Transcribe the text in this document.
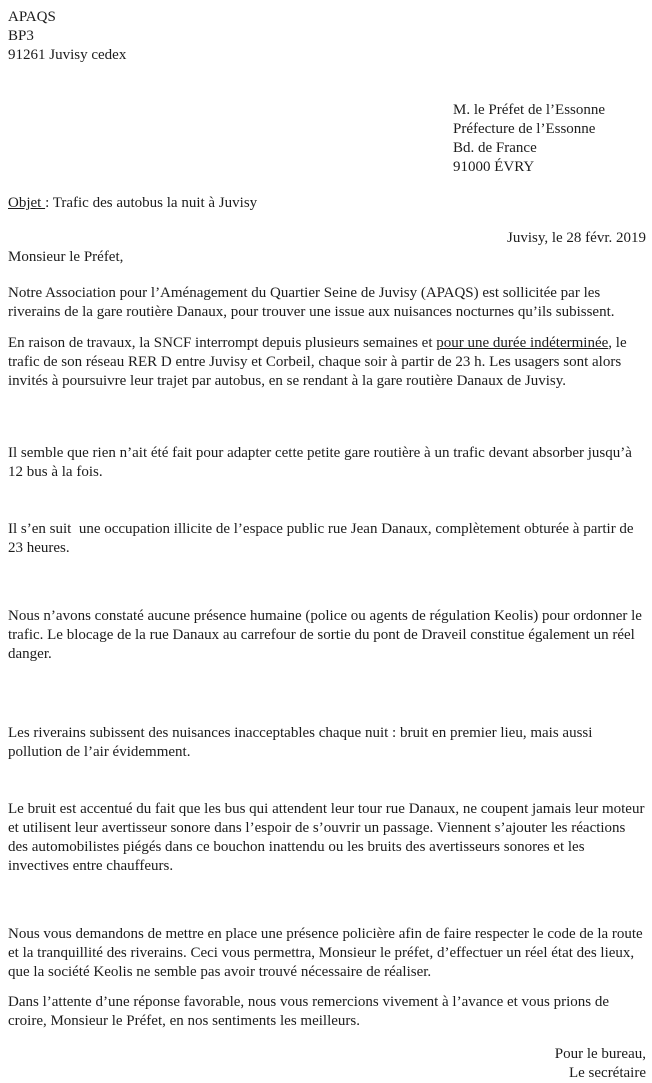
APAQS
BP3
91261 Juvisy cedex
M. le Préfet de l’Essonne
Préfecture de l’Essonne
Bd. de France
91000 ÉVRY
Objet : Trafic des autobus la nuit à Juvisy
Juvisy, le 28 févr. 2019
Monsieur le Préfet,

Notre Association pour l’Aménagement du Quartier Seine de Juvisy (APAQS) est sollicitée par les riverains de la gare routière Danaux, pour trouver une issue aux nuisances nocturnes qu’ils subissent.

En raison de travaux, la SNCF interrompt depuis plusieurs semaines et pour une durée indéterminée, le trafic de son réseau RER D entre Juvisy et Corbeil, chaque soir à partir de 23 h. Les usagers sont alors invités à poursuivre leur trajet par autobus, en se rendant à la gare routière Danaux de Juvisy.

Il semble que rien n’ait été fait pour adapter cette petite gare routière à un trafic devant absorber jusqu’à 12 bus à la fois.

Il s’en suit  une occupation illicite de l’espace public rue Jean Danaux, complètement obturée à partir de 23 heures.

Nous n’avons constaté aucune présence humaine (police ou agents de régulation Keolis) pour ordonner le trafic. Le blocage de la rue Danaux au carrefour de sortie du pont de Draveil constitue également un réel danger.

Les riverains subissent des nuisances inacceptables chaque nuit : bruit en premier lieu, mais aussi pollution de l’air évidemment.

Le bruit est accentué du fait que les bus qui attendent leur tour rue Danaux, ne coupent jamais leur moteur et utilisent leur avertisseur sonore dans l’espoir de s’ouvrir un passage. Viennent s’ajouter les réactions des automobilistes piégés dans ce bouchon inattendu ou les bruits des avertisseurs sonores et les invectives entre chauffeurs.

Nous vous demandons de mettre en place une présence policière afin de faire respecter le code de la route et la tranquillité des riverains. Ceci vous permettra, Monsieur le préfet, d’effectuer un réel état des lieux, que la société Keolis ne semble pas avoir trouvé nécessaire de réaliser.

Dans l’attente d’une réponse favorable, nous vous remercions vivement à l’avance et vous prions de croire, Monsieur le Préfet, en nos sentiments les meilleurs.

Pour le bureau,
Le secrétaire
